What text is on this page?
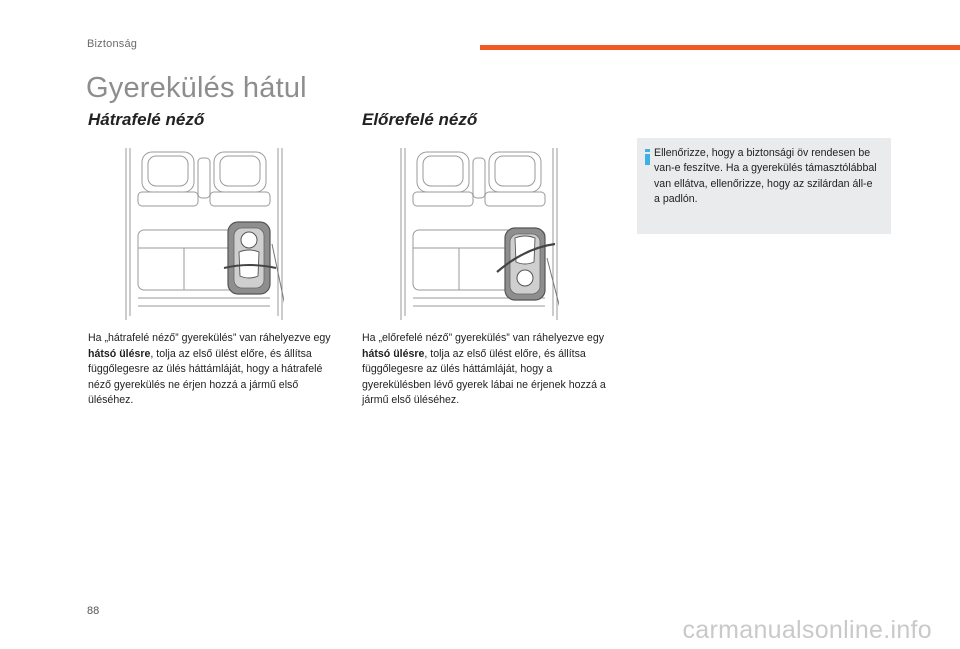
Biztonság
Gyerekülés hátul
Hátrafelé néző

Ha „hátrafelé néző” gyerekülés” van ráhelyezve egy hátsó ülésre, tolja az első ülést előre, és állítsa függőlegesre az ülés háttámláját, hogy a hátrafelé néző gyerekülés ne érjen hozzá a jármű első üléséhez.

Előrefelé néző

Ha „előrefelé néző” gyerekülés” van ráhelyezve egy hátsó ülésre, tolja az első ülést előre, és állítsa függőlegesre az ülés háttámláját, hogy a gyerekülésben lévő gyerek lábai ne érjenek hozzá a jármű első üléséhez.

Ellenőrizze, hogy a biztonsági öv rendesen be van-e feszítve. Ha a gyerekülés támasztólábbal van ellátva, ellenőrizze, hogy az szilárdan áll-e a padlón.

88
carmanualsonline.info
